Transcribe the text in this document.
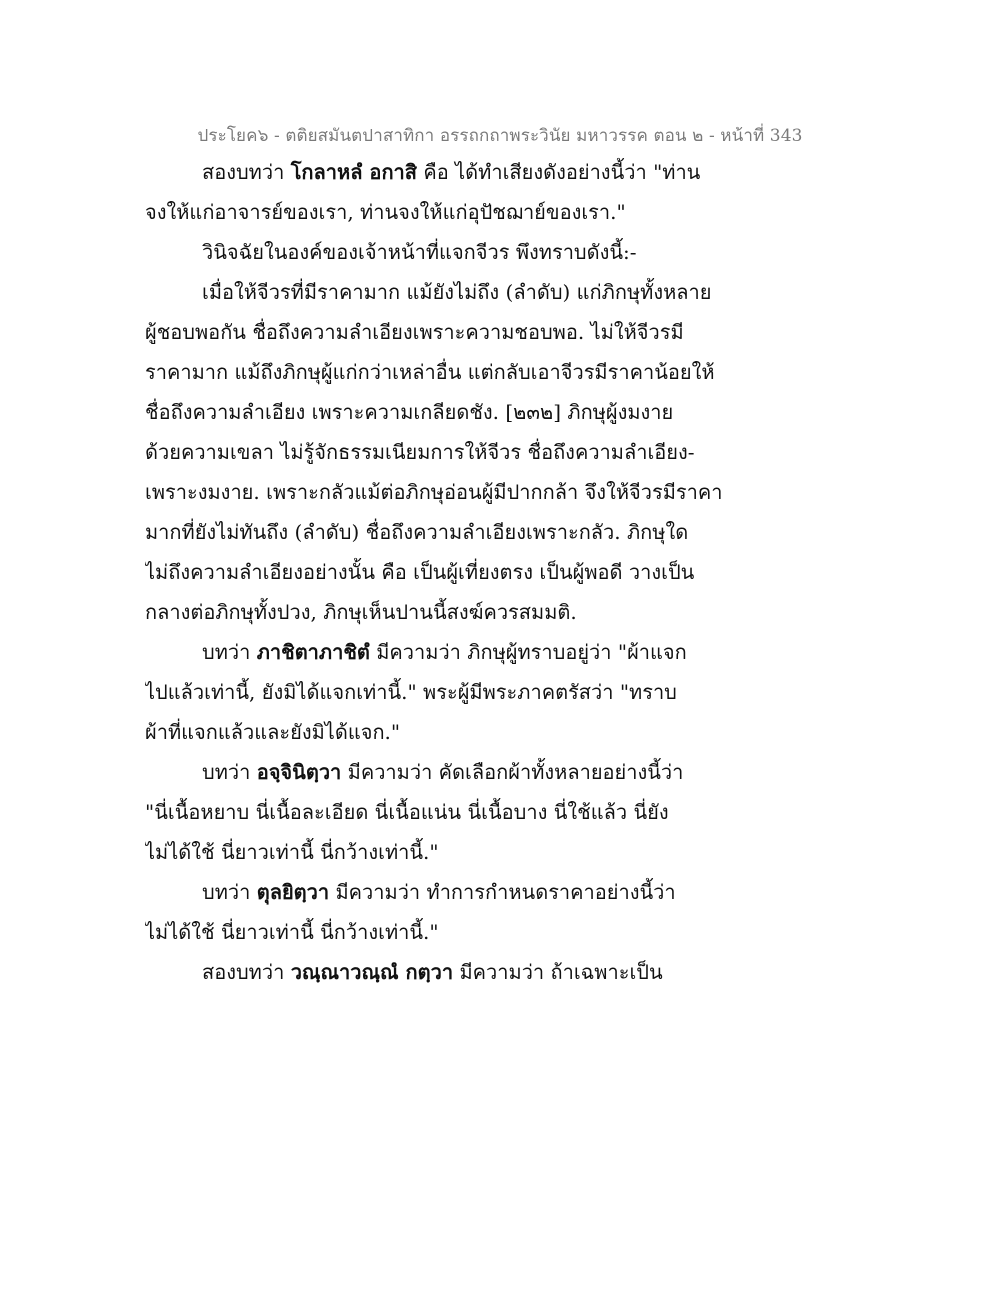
ประโยค๖ - ตติยสมันตปาสาทิกา อรรถกถาพระวินัย มหาวรรค ตอน ๒ - หน้าที่ 343
สองบทว่า โกลาหลํ อกาสิ คือ ได้ทำเสียงดังอย่างนี้ว่า "ท่าน
จงให้แก่อาจารย์ของเรา, ท่านจงให้แก่อุปัชฌาย์ของเรา."
วินิจฉัยในองค์ของเจ้าหน้าที่แจกจีวร พึงทราบดังนี้:-
เมื่อให้จีวรที่มีราคามาก แม้ยังไม่ถึง (ลำดับ) แก่ภิกษุทั้งหลาย
ผู้ชอบพอกัน ชื่อถึงความลำเอียงเพราะความชอบพอ. ไม่ให้จีวรมี
ราคามาก แม้ถึงภิกษุผู้แก่กว่าเหล่าอื่น แต่กลับเอาจีวรมีราคาน้อยให้
ชื่อถึงความลำเอียง เพราะความเกลียดชัง. [๒๓๒] ภิกษุผู้งมงาย
ด้วยความเขลา ไม่รู้จักธรรมเนียมการให้จีวร ชื่อถึงความลำเอียง-
เพราะงมงาย. เพราะกลัวแม้ต่อภิกษุอ่อนผู้มีปากกล้า จึงให้จีวรมีราคา
มากที่ยังไม่ทันถึง (ลำดับ) ชื่อถึงความลำเอียงเพราะกลัว. ภิกษุใด
ไม่ถึงความลำเอียงอย่างนั้น คือ เป็นผู้เที่ยงตรง เป็นผู้พอดี วางเป็น
กลางต่อภิกษุทั้งปวง, ภิกษุเห็นปานนี้สงฆ์ควรสมมติ.
บทว่า ภาชิตาภาชิตํ มีความว่า ภิกษุผู้ทราบอยู่ว่า "ผ้าแจก
ไปแล้วเท่านี้, ยังมิได้แจกเท่านี้." พระผู้มีพระภาคตรัสว่า "ทราบ
ผ้าที่แจกแล้วและยังมิได้แจก."
บทว่า อจฺจินิตฺวา มีความว่า คัดเลือกผ้าทั้งหลายอย่างนี้ว่า
"นี่เนื้อหยาบ นี่เนื้อละเอียด นี่เนื้อแน่น นี่เนื้อบาง นี่ใช้แล้ว นี่ยัง
ไม่ได้ใช้ นี่ยาวเท่านี้ นี่กว้างเท่านี้."
บทว่า ตุลยิตฺวา มีความว่า ทำการกำหนดราคาอย่างนี้ว่า
ไม่ได้ใช้ นี่ยาวเท่านี้ นี่กว้างเท่านี้."
สองบทว่า วณฺณาวณฺณํ กตฺวา มีความว่า ถ้าเฉพาะเป็น
